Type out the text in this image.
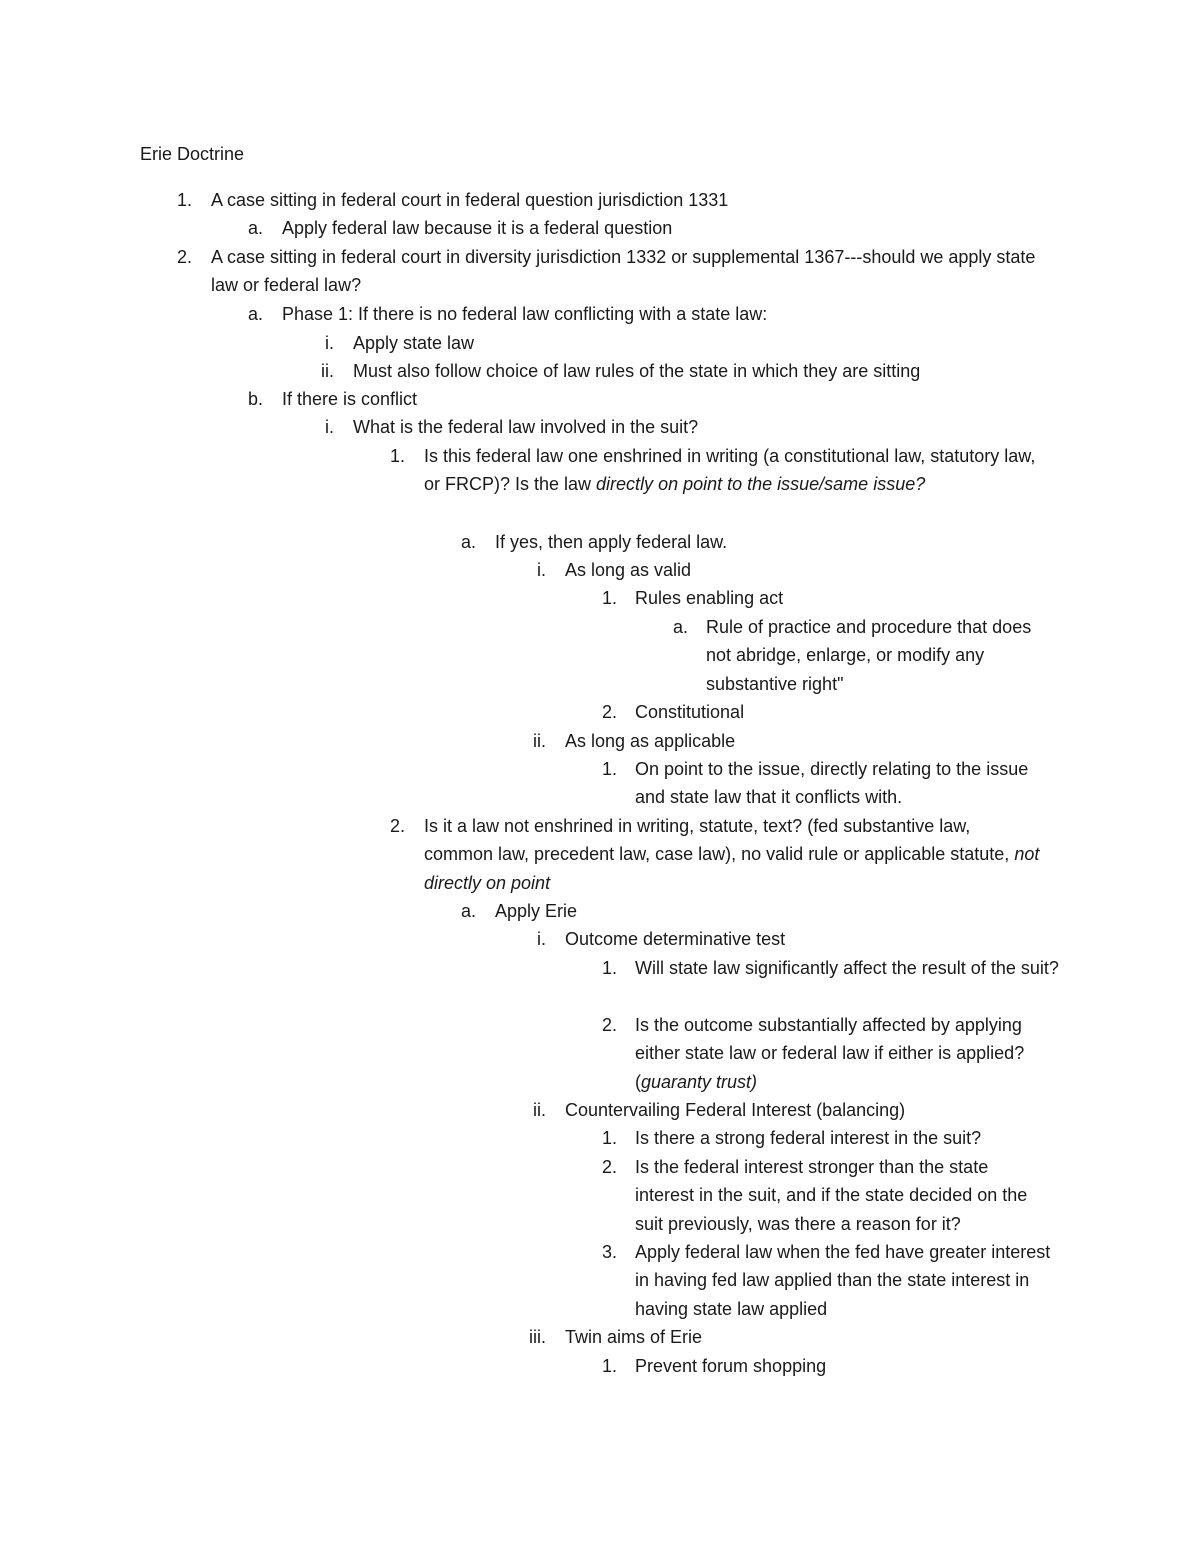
Erie Doctrine
1. A case sitting in federal court in federal question jurisdiction 1331
a. Apply federal law because it is a federal question
2. A case sitting in federal court in diversity jurisdiction 1332 or supplemental 1367---should we apply state law or federal law?
a. Phase 1: If there is no federal law conflicting with a state law:
i. Apply state law
ii. Must also follow choice of law rules of the state in which they are sitting
b. If there is conflict
i. What is the federal law involved in the suit?
1. Is this federal law one enshrined in writing (a constitutional law, statutory law, or FRCP)? Is the law directly on point to the issue/same issue?
a. If yes, then apply federal law.
i. As long as valid
1. Rules enabling act
a. Rule of practice and procedure that does not abridge, enlarge, or modify any substantive right"
2. Constitutional
ii. As long as applicable
1. On point to the issue, directly relating to the issue and state law that it conflicts with.
2. Is it a law not enshrined in writing, statute, text? (fed substantive law, common law, precedent law, case law), no valid rule or applicable statute, not directly on point
a. Apply Erie
i. Outcome determinative test
1. Will state law significantly affect the result of the suit?
2. Is the outcome substantially affected by applying either state law or federal law if either is applied? (guaranty trust)
ii. Countervailing Federal Interest (balancing)
1. Is there a strong federal interest in the suit?
2. Is the federal interest stronger than the state interest in the suit, and if the state decided on the suit previously, was there a reason for it?
3. Apply federal law when the fed have greater interest in having fed law applied than the state interest in having state law applied
iii. Twin aims of Erie
1. Prevent forum shopping
